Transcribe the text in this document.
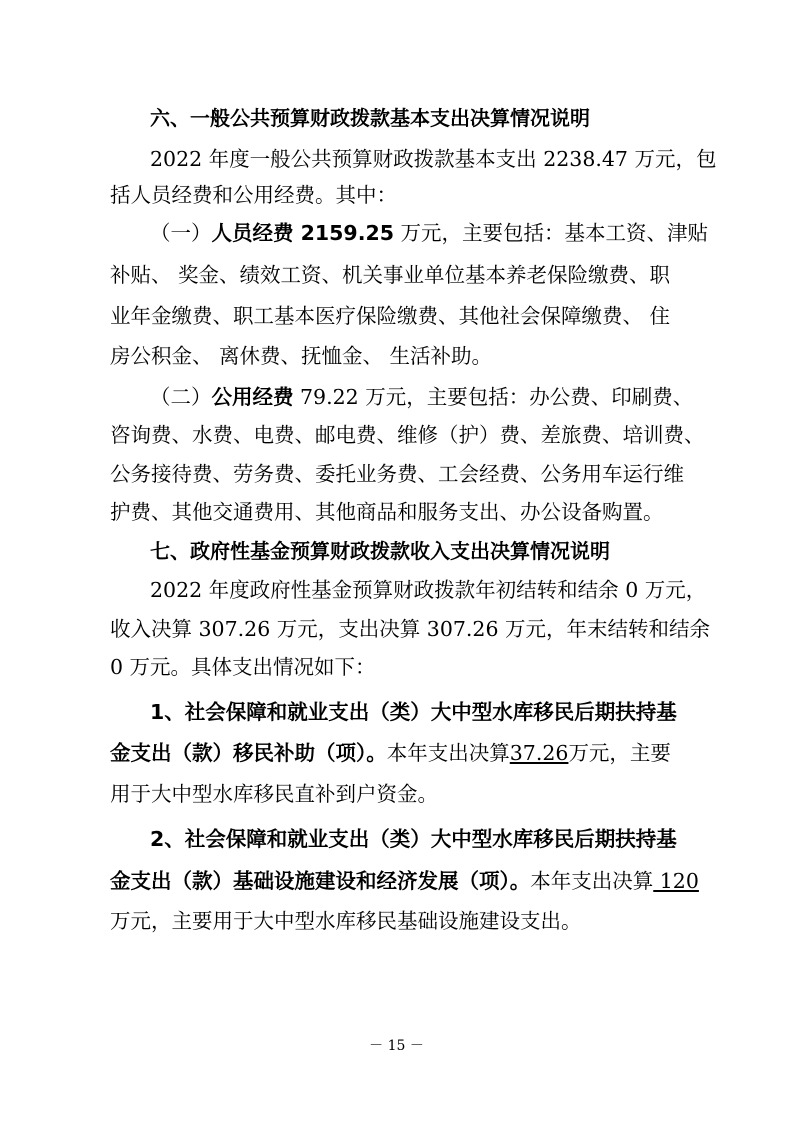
六、一般公共预算财政拨款基本支出决算情况说明
2022 年度一般公共预算财政拨款基本支出 2238.47 万元，包
括人员经费和公用经费。其中：
（一）人员经费 2159.25 万元，主要包括：基本工资、津贴
补贴、 奖金、绩效工资、机关事业单位基本养老保险缴费、职
业年金缴费、职工基本医疗保险缴费、其他社会保障缴费、 住
房公积金、 离休费、抚恤金、 生活补助。
（二）公用经费 79.22 万元，主要包括：办公费、印刷费、
咨询费、水费、电费、邮电费、维修（护）费、差旅费、培训费、
公务接待费、劳务费、委托业务费、工会经费、公务用车运行维
护费、其他交通费用、其他商品和服务支出、办公设备购置。
七、政府性基金预算财政拨款收入支出决算情况说明
2022 年度政府性基金预算财政拨款年初结转和结余 0 万元，
收入决算 307.26 万元，支出决算 307.26 万元，年末结转和结余
0 万元。具体支出情况如下：
1、社会保障和就业支出（类）大中型水库移民后期扶持基
金支出（款）移民补助（项）。本年支出决算37.26万元，主要
用于大中型水库移民直补到户资金。
2、社会保障和就业支出（类）大中型水库移民后期扶持基
金支出（款）基础设施建设和经济发展（项）。本年支出决算 120
万元，主要用于大中型水库移民基础设施建设支出。
－ 15 －
